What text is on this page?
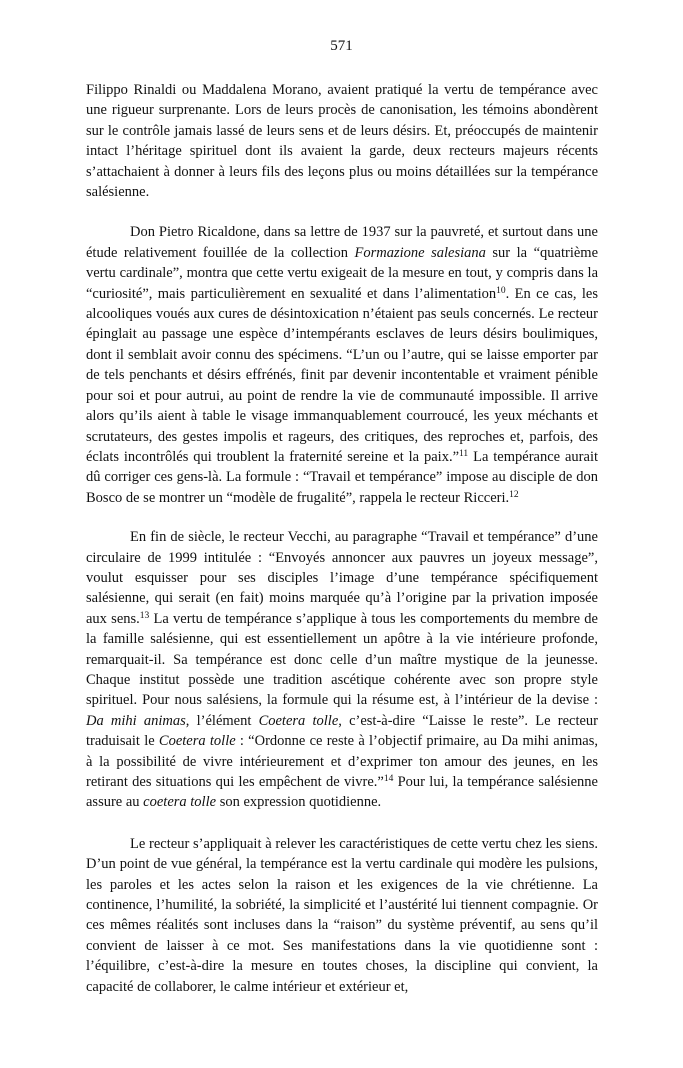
571

Filippo Rinaldi ou Maddalena Morano, avaient pratiqué la vertu de tempérance avec une rigueur surprenante. Lors de leurs procès de canonisation, les témoins abondèrent sur le contrôle jamais lassé de leurs sens et de leurs désirs. Et, préoccupés de maintenir intact l’héritage spirituel dont ils avaient la garde, deux recteurs majeurs récents s’attachaient à donner à leurs fils des leçons plus ou moins détaillées sur la tempérance salésienne.

Don Pietro Ricaldone, dans sa lettre de 1937 sur la pauvreté, et surtout dans une étude relativement fouillée de la collection Formazione salesiana sur la “quatrième vertu cardinale”, montra que cette vertu exigeait de la mesure en tout, y compris dans la “curiosité”, mais particulièrement en sexualité et dans l’alimentation$^{10}$. En ce cas, les alcooliques voués aux cures de désintoxication n’étaient pas seuls concernés. Le recteur épinglait au passage une espèce d’intempérants esclaves de leurs désirs boulimiques, dont il semblait avoir connu des spécimens. “L’un ou l’autre, qui se laisse emporter par de tels penchants et désirs effrénés, finit par devenir incontentable et vraiment pénible pour soi et pour autrui, au point de rendre la vie de communauté impossible. Il arrive alors qu’ils aient à table le visage immanquablement courroucé, les yeux méchants et scrutateurs, des gestes impolis et rageurs, des critiques, des reproches et, parfois, des éclats incontrôlés qui troublent la fraternité sereine et la paix.”$^{11}$ La tempérance aurait dû corriger ces gens-là. La formule : “Travail et tempérance” impose au disciple de don Bosco de se montrer un “modèle de frugalité”, rappela le recteur Ricceri.$^{12}$

En fin de siècle, le recteur Vecchi, au paragraphe “Travail et tempérance” d’une circulaire de 1999 intitulée : “Envoyés annoncer aux pauvres un joyeux message”, voulut esquisser pour ses disciples l’image d’une tempérance spécifiquement salésienne, qui serait (en fait) moins marquée qu’à l’origine par la privation imposée aux sens.$^{13}$ La vertu de tempérance s’applique à tous les comportements du membre de la famille salésienne, qui est essentiellement un apôtre à la vie intérieure profonde, remarquait-il. Sa tempérance est donc celle d’un maître mystique de la jeunesse. Chaque institut possède une tradition ascétique cohérente avec son propre style spirituel. Pour nous salésiens, la formule qui la résume est, à l’intérieur de la devise : Da mihi animas, l’élément Coetera tolle, c’est-à-dire “Laisse le reste”. Le recteur traduisait le Coetera tolle : “Ordonne ce reste à l’objectif primaire, au Da mihi animas, à la possibilité de vivre intérieurement et d’exprimer ton amour des jeunes, en les retirant des situations qui les empêchent de vivre.”$^{14}$ Pour lui, la tempérance salésienne assure au coetera tolle son expression quotidienne.

Le recteur s’appliquait à relever les caractéristiques de cette vertu chez les siens. D’un point de vue général, la tempérance est la vertu cardinale qui modère les pulsions, les paroles et les actes selon la raison et les exigences de la vie chrétienne. La continence, l’humilité, la sobriété, la simplicité et l’austérité lui tiennent compagnie. Or ces mêmes réalités sont incluses dans la “raison” du système préventif, au sens qu’il convient de laisser à ce mot. Ses manifestations dans la vie quotidienne sont : l’équilibre, c’est-à-dire la mesure en toutes choses, la discipline qui convient, la capacité de collaborer, le calme intérieur et extérieur et,
